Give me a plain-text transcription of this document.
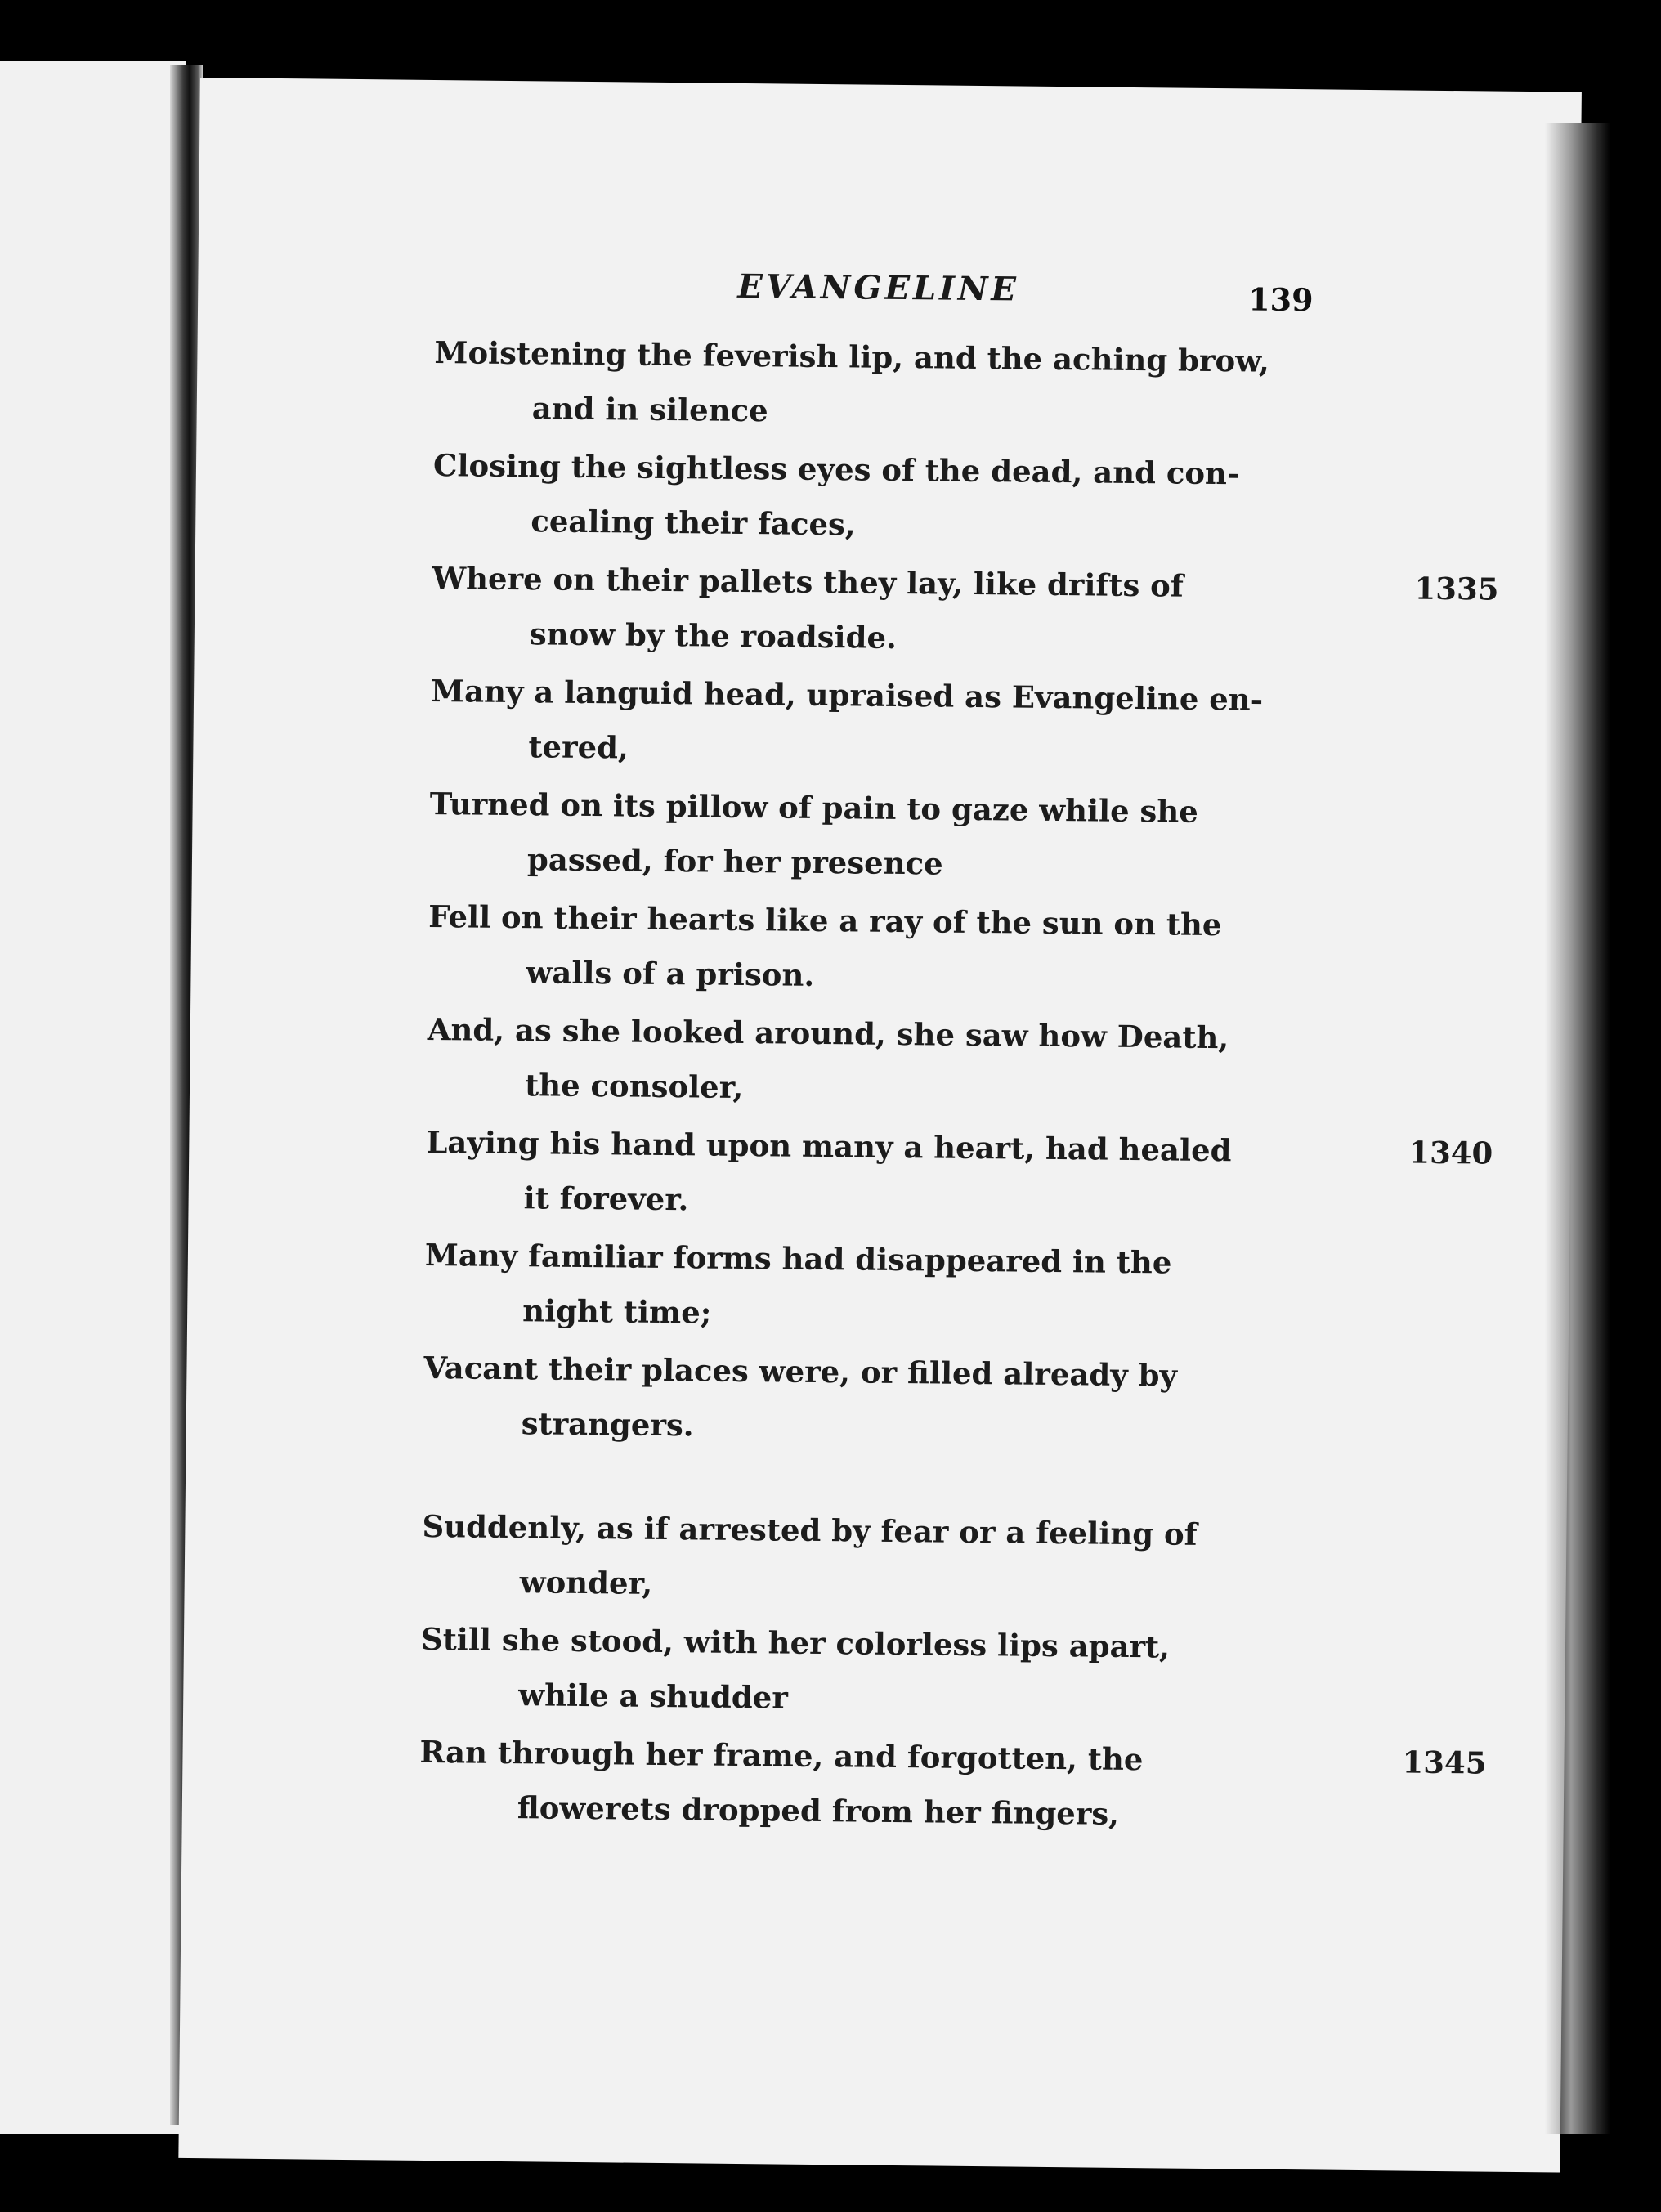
EVANGELINE	139
Moistening the feverish lip, and the aching brow,
and in silence
Closing the sightless eyes of the dead, and con-
cealing their faces,
Where on their pallets they lay, like drifts of
snow by the roadside.
1335
Many a languid head, upraised as Evangeline en-
tered,
Turned on its pillow of pain to gaze while she
passed, for her presence
Fell on their hearts like a ray of the sun on the
walls of a prison.
And, as she looked around, she saw how Death,
the consoler,
Laying his hand upon many a heart, had healed
it forever.
1340
Many familiar forms had disappeared in the
night time;
Vacant their places were, or filled already by
strangers.
Suddenly, as if arrested by fear or a feeling of
wonder,
Still she stood, with her colorless lips apart,
while a shudder
Ran through her frame, and forgotten, the
flowerets dropped from her fingers,
1345
